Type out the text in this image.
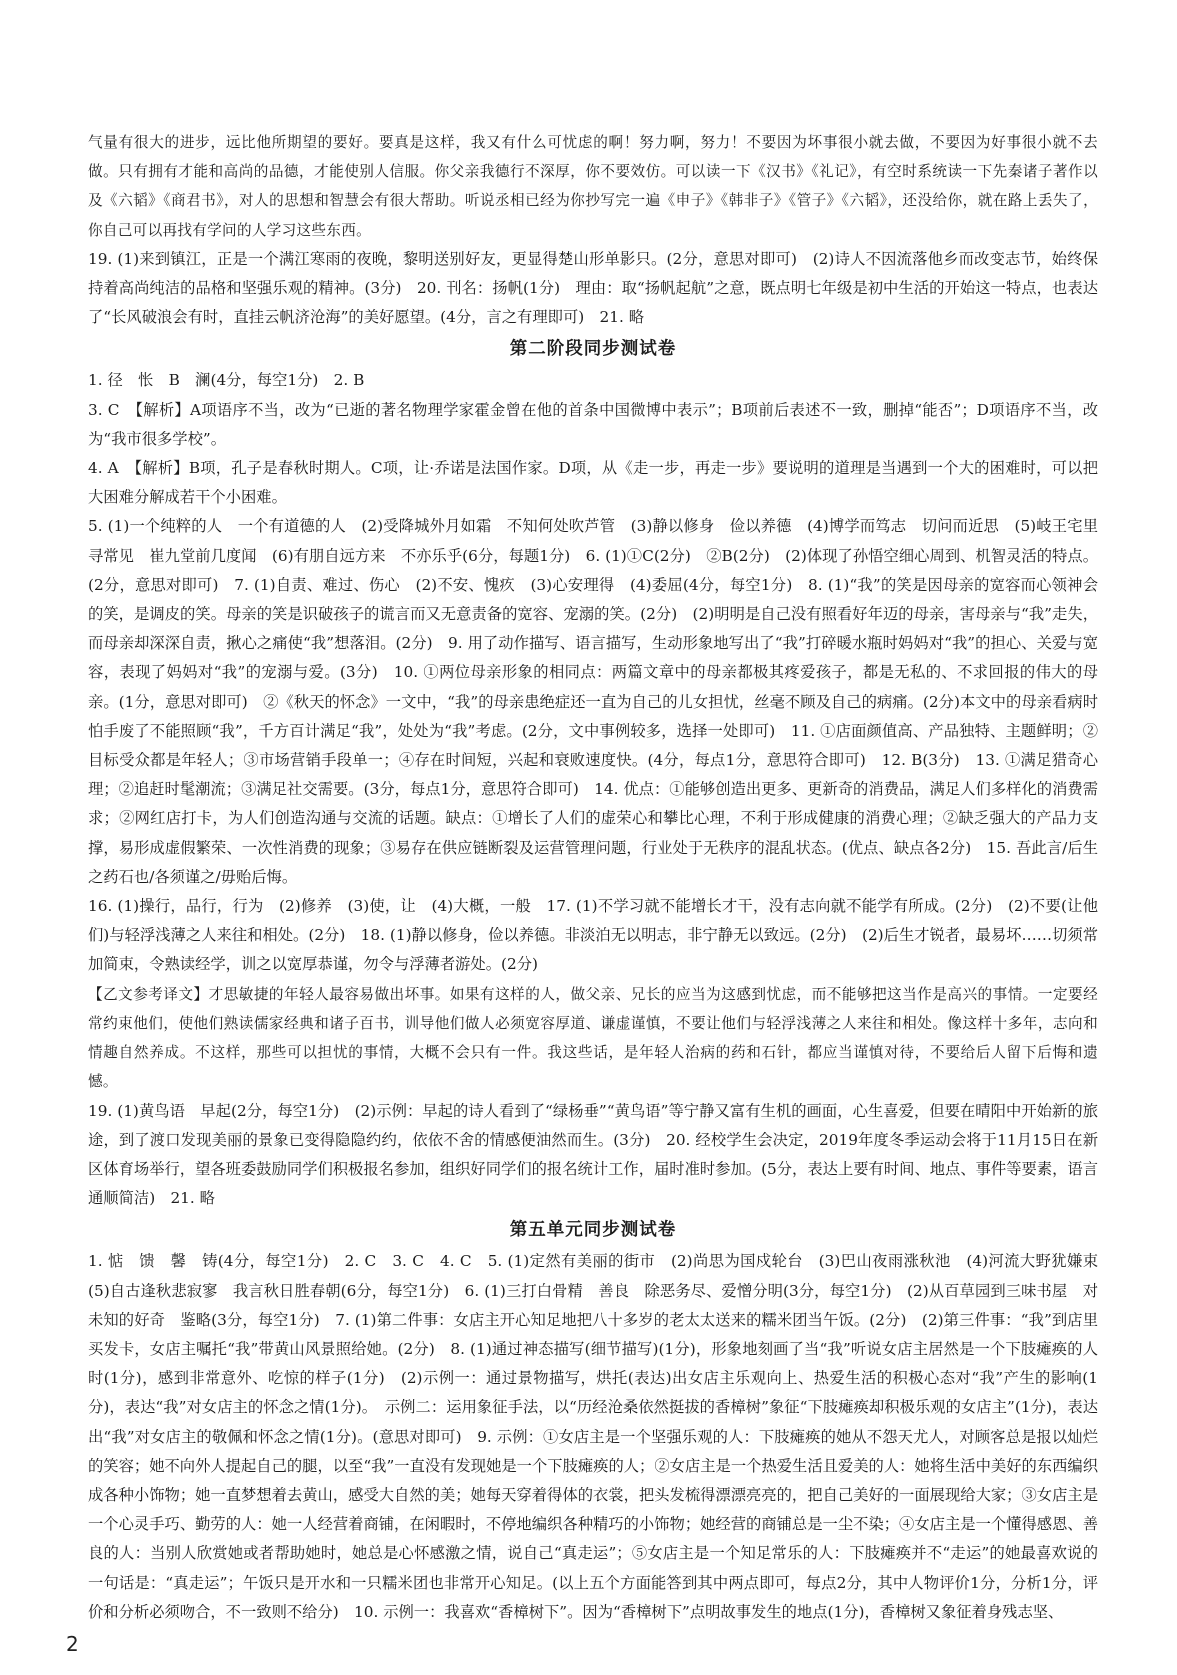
气量有很大的进步，远比他所期望的要好。要真是这样，我又有什么可忧虑的啊！努力啊，努力！不要因为坏事很小就去做，不要因为好事很小就不去做。只有拥有才能和高尚的品德，才能使别人信服。你父亲我德行不深厚，你不要效仿。可以读一下《汉书》《礼记》，有空时系统读一下先秦诸子著作以及《六韬》《商君书》，对人的思想和智慧会有很大帮助。听说丞相已经为你抄写完一遍《申子》《韩非子》《管子》《六韬》，还没给你，就在路上丢失了，你自己可以再找有学问的人学习这些东西。

19. (1)来到镇江，正是一个满江寒雨的夜晚，黎明送别好友，更显得楚山形单影只。(2分，意思对即可)　(2)诗人不因流落他乡而改变志节，始终保持着高尚纯洁的品格和坚强乐观的精神。(3分)　20. 刊名：扬帆(1分)　理由：取“扬帆起航”之意，既点明七年级是初中生活的开始这一特点，也表达了“长风破浪会有时，直挂云帆济沧海”的美好愿望。(4分，言之有理即可)　21. 略

第二阶段同步测试卷

1. 径　怅　B　澜(4分，每空1分)　2. B

3. C　【解析】A项语序不当，改为“已逝的著名物理学家霍金曾在他的首条中国微博中表示”；B项前后表述不一致，删掉“能否”；D项语序不当，改为“我市很多学校”。

4. A　【解析】B项，孔子是春秋时期人。C项，让·乔诺是法国作家。D项，从《走一步，再走一步》要说明的道理是当遇到一个大的困难时，可以把大困难分解成若干个小困难。

5. (1)一个纯粹的人　一个有道德的人　(2)受降城外月如霜　不知何处吹芦管　(3)静以修身　俭以养德　(4)博学而笃志　切问而近思　(5)岐王宅里寻常见　崔九堂前几度闻　(6)有朋自远方来　不亦乐乎(6分，每题1分)　6. (1)①C(2分)　②B(2分)　(2)体现了孙悟空细心周到、机智灵活的特点。(2分，意思对即可)　7. (1)自责、难过、伤心　(2)不安、愧疚　(3)心安理得　(4)委屈(4分，每空1分)　8. (1)“我”的笑是因母亲的宽容而心领神会的笑，是调皮的笑。母亲的笑是识破孩子的谎言而又无意责备的宽容、宠溺的笑。(2分)　(2)明明是自己没有照看好年迈的母亲，害母亲与“我”走失，而母亲却深深自责，揪心之痛使“我”想落泪。(2分)　9. 用了动作描写、语言描写，生动形象地写出了“我”打碎暖水瓶时妈妈对“我”的担心、关爱与宽容，表现了妈妈对“我”的宠溺与爱。(3分)　10. ①两位母亲形象的相同点：两篇文章中的母亲都极其疼爱孩子，都是无私的、不求回报的伟大的母亲。(1分，意思对即可)　②《秋天的怀念》一文中，“我”的母亲患绝症还一直为自己的儿女担忧，丝毫不顾及自己的病痛。(2分)本文中的母亲看病时怕手废了不能照顾“我”，千方百计满足“我”，处处为“我”考虑。(2分，文中事例较多，选择一处即可)　11. ①店面颜值高、产品独特、主题鲜明；②目标受众都是年轻人；③市场营销手段单一；④存在时间短，兴起和衰败速度快。(4分，每点1分，意思符合即可)　12. B(3分)　13. ①满足猎奇心理；②追赶时髦潮流；③满足社交需要。(3分，每点1分，意思符合即可)　14. 优点：①能够创造出更多、更新奇的消费品，满足人们多样化的消费需求；②网红店打卡，为人们创造沟通与交流的话题。缺点：①增长了人们的虚荣心和攀比心理，不利于形成健康的消费心理；②缺乏强大的产品力支撑，易形成虚假繁荣、一次性消费的现象；③易存在供应链断裂及运营管理问题，行业处于无秩序的混乱状态。(优点、缺点各2分)　15. 吾此言/后生之药石也/各须谨之/毋贻后悔。

16. (1)操行，品行，行为　(2)修养　(3)使，让　(4)大概，一般　17. (1)不学习就不能增长才干，没有志向就不能学有所成。(2分)　(2)不要(让他们)与轻浮浅薄之人来往和相处。(2分)　18. (1)静以修身，俭以养德。非淡泊无以明志，非宁静无以致远。(2分)　(2)后生才锐者，最易坏……切须常加简束，令熟读经学，训之以宽厚恭谨，勿令与浮薄者游处。(2分)

【乙文参考译文】才思敏捷的年轻人最容易做出坏事。如果有这样的人，做父亲、兄长的应当为这感到忧虑，而不能够把这当作是高兴的事情。一定要经常约束他们，使他们熟读儒家经典和诸子百书，训导他们做人必须宽容厚道、谦虚谨慎，不要让他们与轻浮浅薄之人来往和相处。像这样十多年，志向和情趣自然养成。不这样，那些可以担忧的事情，大概不会只有一件。我这些话，是年轻人治病的药和石针，都应当谨慎对待，不要给后人留下后悔和遗憾。

19. (1)黄鸟语　早起(2分，每空1分)　(2)示例：早起的诗人看到了“绿杨垂”“黄鸟语”等宁静又富有生机的画面，心生喜爱，但要在晴阳中开始新的旅途，到了渡口发现美丽的景象已变得隐隐约约，依依不舍的情感便油然而生。(3分)　20. 经校学生会决定，2019年度冬季运动会将于11月15日在新区体育场举行，望各班委鼓励同学们积极报名参加，组织好同学们的报名统计工作，届时准时参加。(5分，表达上要有时间、地点、事件等要素，语言通顺简洁)　21. 略

第五单元同步测试卷

1. 惦　馈　馨　铸(4分，每空1分)　2. C　3. C　4. C　5. (1)定然有美丽的街市　(2)尚思为国戍轮台　(3)巴山夜雨涨秋池　(4)河流大野犹嫌束　(5)自古逢秋悲寂寥　我言秋日胜春朝(6分，每空1分)　6. (1)三打白骨精　善良　除恶务尽、爱憎分明(3分，每空1分)　(2)从百草园到三味书屋　对未知的好奇　鉴略(3分，每空1分)　7. (1)第二件事：女店主开心知足地把八十多岁的老太太送来的糯米团当午饭。(2分)　(2)第三件事：“我”到店里买发卡，女店主嘱托“我”带黄山风景照给她。(2分)　8. (1)通过神态描写(细节描写)(1分)，形象地刻画了当“我”听说女店主居然是一个下肢瘫痪的人时(1分)，感到非常意外、吃惊的样子(1分)　(2)示例一：通过景物描写，烘托(表达)出女店主乐观向上、热爱生活的积极心态对“我”产生的影响(1分)，表达“我”对女店主的怀念之情(1分)。　示例二：运用象征手法，以“历经沧桑依然挺拔的香樟树”象征“下肢瘫痪却积极乐观的女店主”(1分)，表达出“我”对女店主的敬佩和怀念之情(1分)。(意思对即可)　9. 示例：①女店主是一个坚强乐观的人：下肢瘫痪的她从不怨天尤人，对顾客总是报以灿烂的笑容；她不向外人提起自己的腿，以至“我”一直没有发现她是一个下肢瘫痪的人；②女店主是一个热爱生活且爱美的人：她将生活中美好的东西编织成各种小饰物；她一直梦想着去黄山，感受大自然的美；她每天穿着得体的衣裳，把头发梳得漂漂亮亮的，把自己美好的一面展现给大家；③女店主是一个心灵手巧、勤劳的人：她一人经营着商铺，在闲暇时，不停地编织各种精巧的小饰物；她经营的商铺总是一尘不染；④女店主是一个懂得感恩、善良的人：当别人欣赏她或者帮助她时，她总是心怀感激之情，说自己“真走运”；⑤女店主是一个知足常乐的人：下肢瘫痪并不“走运”的她最喜欢说的一句话是：“真走运”；午饭只是开水和一只糯米团也非常开心知足。(以上五个方面能答到其中两点即可，每点2分，其中人物评价1分，分析1分，评价和分析必须吻合，不一致则不给分)　10. 示例一：我喜欢“香樟树下”。因为“香樟树下”点明故事发生的地点(1分)，香樟树又象征着身残志坚、

2
